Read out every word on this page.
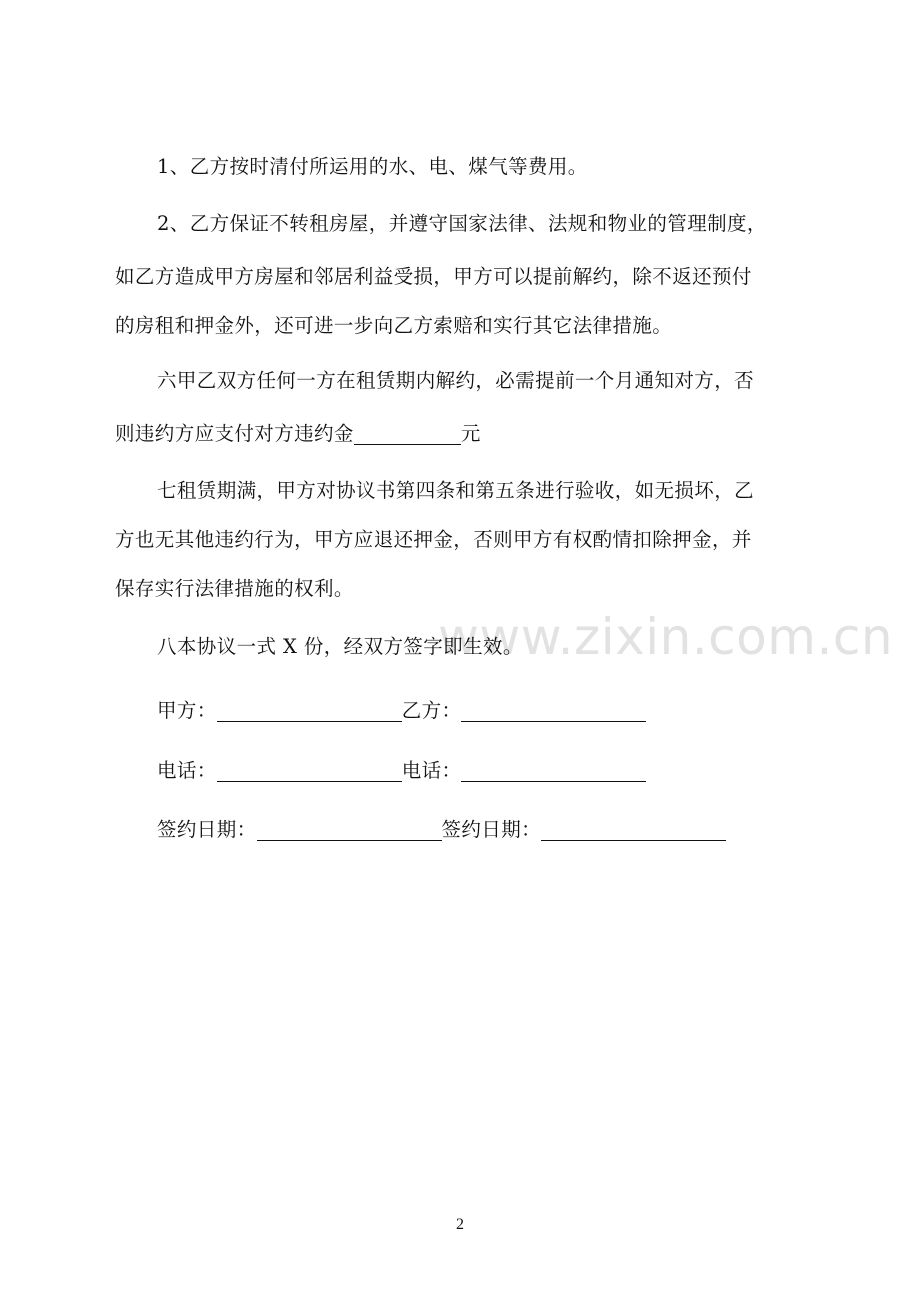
www.zixin.com.cn
1、乙方按时清付所运用的水、电、煤气等费用。
2、乙方保证不转租房屋，并遵守国家法律、法规和物业的管理制度，
如乙方造成甲方房屋和邻居利益受损，甲方可以提前解约，除不返还预付
的房租和押金外，还可进一步向乙方索赔和实行其它法律措施。
六甲乙双方任何一方在租赁期内解约，必需提前一个月通知对方，否
则违约方应支付对方违约金	元
七租赁期满，甲方对协议书第四条和第五条进行验收，如无损坏，乙
方也无其他违约行为，甲方应退还押金，否则甲方有权酌情扣除押金，并
保存实行法律措施的权利。
八本协议一式 X 份，经双方签字即生效。
甲方：	乙方：
电话：	电话：
签约日期：	签约日期：
2
